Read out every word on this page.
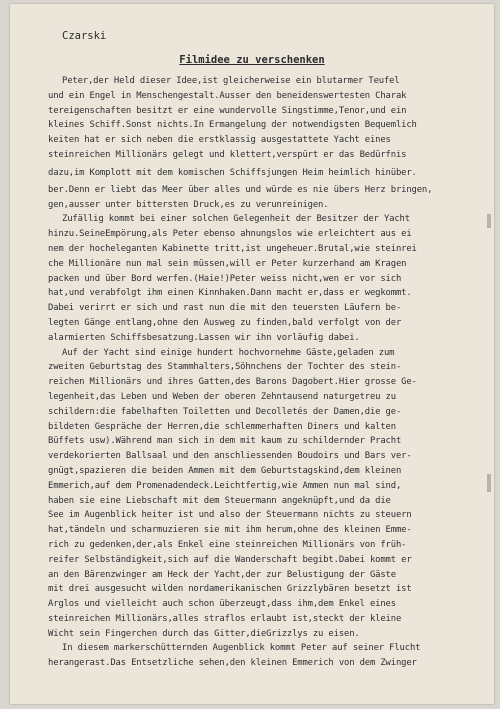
Czarski
Filmidee zu verschenken
Peter,der Held dieser Idee,ist gleicherweise ein blutarmer Teufel
und ein Engel in Menschengestalt.Ausser den beneidenswertesten Charak
tereigenschaften besitzt er eine wundervolle Singstimme,Tenor,und ein
kleines Schiff.Sonst nichts.In Ermangelung der notwendigsten Bequemlich
keiten hat er sich neben die erstklassig ausgestattete Yacht eines
steinreichen Millionärs gelegt und klettert,verspürt er das Bedürfnis
dazu,im Komplott mit dem komischen Schiffsjungen Heim heimlich hinüber.
ber.Denn er liebt das Meer über alles und würde es nie übers Herz bringen,
gen,ausser unter bittersten Druck,es zu verunreinigen.
Zufällig kommt bei einer solchen Gelegenheit der Besitzer der Yacht
hinzu.SeineEmpörung,als Peter ebenso ahnungslos wie erleichtert aus ei
nem der hocheleganten Kabinette tritt,ist ungeheuer.Brutal,wie steinrei
che Millionäre nun mal sein müssen,will er Peter kurzerhand am Kragen
packen und über Bord werfen.(Haie!)Peter weiss nicht,wen er vor sich
hat,und verabfolgt ihm einen Kinnhaken.Dann macht er,dass er wegkommt.
Dabei verirrt er sich und rast nun die mit den teuersten Läufern be-
legten Gänge entlang,ohne den Ausweg zu finden,bald verfolgt von der
alarmierten Schiffsbesatzung.Lassen wir ihn vorläufig dabei.
Auf der Yacht sind einige hundert hochvornehme Gäste,geladen zum
zweiten Geburtstag des Stammhalters,Söhnchens der Tochter des stein-
reichen Millionärs und ihres Gatten,des Barons Dagobert.Hier grosse Ge-
legenheit,das Leben und Weben der oberen Zehntausend naturgetreu zu
schildern:die fabelhaften Toiletten und Decolletés der Damen,die ge-
bildeten Gespräche der Herren,die schlemmerhaften Diners und kalten
Büffets usw).Während man sich in dem mit kaum zu schildernder Pracht
verdekorierten Ballsaal und den anschliessenden Boudoirs und Bars ver-
gnügt,spazieren die beiden Ammen mit dem Geburtstagskind,dem kleinen
Emmerich,auf dem Promenadendeck.Leichtfertig,wie Ammen nun mal sind,
haben sie eine Liebschaft mit dem Steuermann angeknüpft,und da die
See im Augenblick heiter ist und also der Steuermann nichts zu steuern
hat,tändeln und scharmuzieren sie mit ihm herum,ohne des kleinen Emme-
rich zu gedenken,der,als Enkel eine steinreichen Millionärs von früh-
reifer Selbständigkeit,sich auf die Wanderschaft begibt.Dabei kommt er
an den Bärenzwinger am Heck der Yacht,der zur Belustigung der Gäste
mit drei ausgesucht wilden nordamerikanischen Grizzlybären besetzt ist
Arglos und vielleicht auch schon überzeugt,dass ihm,dem Enkel eines
steinreichen Millionärs,alles straflos erlaubt ist,steckt der kleine
Wicht sein Fingerchen durch das Gitter,dieGrizzlys zu eisen.
In diesem markerschütternden Augenblick kommt Peter auf seiner Flucht
herangerast.Das Entsetzliche sehen,den kleinen Emmerich von dem Zwinger
